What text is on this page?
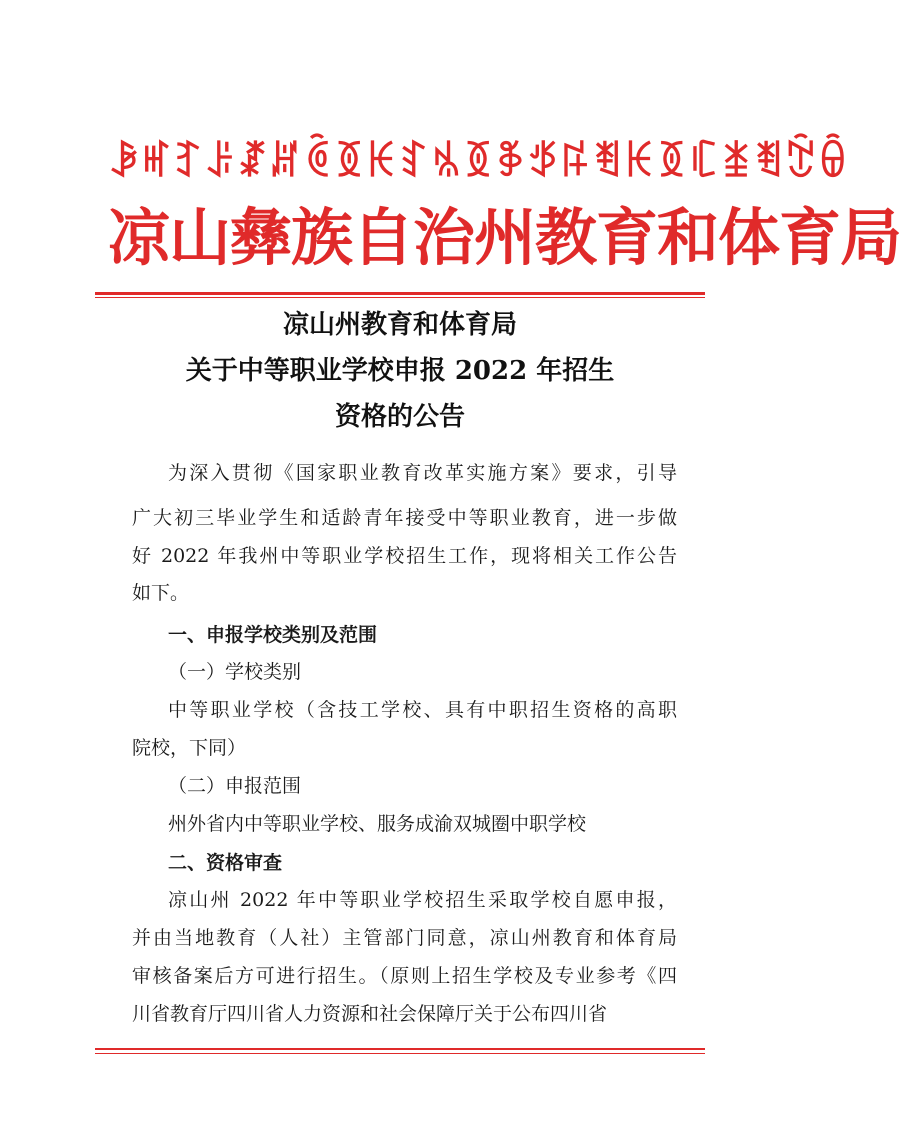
ꆃꎭꆈꌠꊨꏦꏱꅉꀘꆏꁱꅉꃆꉪꌬꄮꀘꅉꏸꁧꄮꇕꌶ
凉山彝族自治州教育和体育局
凉山州教育和体育局
关于中等职业学校申报 2022 年招生
资格的公告
为深入贯彻《国家职业教育改革实施方案》要求，引导
广大初三毕业学生和适龄青年接受中等职业教育，进一步做
好 2022 年我州中等职业学校招生工作，现将相关工作公告
如下。
一、申报学校类别及范围
（一）学校类别
中等职业学校（含技工学校、具有中职招生资格的高职
院校，下同）
（二）申报范围
州外省内中等职业学校、服务成渝双城圈中职学校
二、资格审查
凉山州 2022 年中等职业学校招生采取学校自愿申报，
并由当地教育（人社）主管部门同意，凉山州教育和体育局
审核备案后方可进行招生。（原则上招生学校及专业参考《四
川省教育厅四川省人力资源和社会保障厅关于公布四川省
